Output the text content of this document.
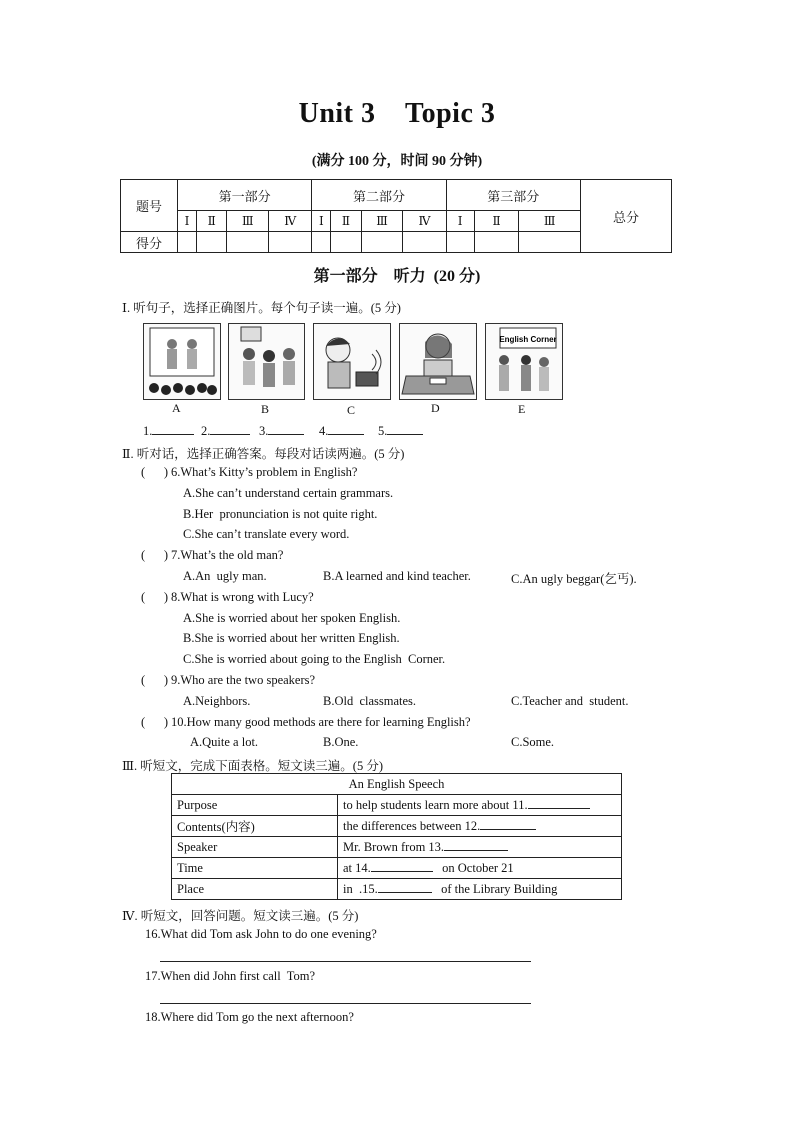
Unit 3    Topic 3
(满分 100 分，时间 90 分钟)
题号	第一部分				第二部分				第三部分			总分
	Ⅰ	Ⅱ	Ⅲ	Ⅳ	Ⅰ	Ⅱ	Ⅲ	Ⅳ	Ⅰ	Ⅱ	Ⅲ	
得分												
第一部分    听力  (20 分)
Ⅰ. 听句子，选择正确图片。每个句子读一遍。(5 分)
English Corner
A	B	C	D	E
1.	2.	3.	4.	5.
Ⅱ. 听对话，选择正确答案。每段对话读两遍。(5 分)
(      ) 6.What’s Kitty’s problem in English?
A.She can’t understand certain grammars.
B.Her  pronunciation is not quite right.
C.She can’t translate every word.
(      ) 7.What’s the old man?
A.An  ugly man.	B.A learned and kind teacher.	C.An ugly beggar(乞丐).
(      ) 8.What is wrong with Lucy?
A.She is worried about her spoken English.
B.She is worried about her written English.
C.She is worried about going to the English  Corner.
(      ) 9.Who are the two speakers?
A.Neighbors.	B.Old  classmates.	C.Teacher and  student.
(      ) 10.How many good methods are there for learning English?
A.Quite a lot.	B.One.	C.Some.
Ⅲ. 听短文，完成下面表格。短文读三遍。(5 分)
An English Speech	
Purpose	to help students learn more about 11.
Contents(内容)	the differences between 12.
Speaker	Mr. Brown from 13.
Time	at 14. on October 21
Place	in  .15. of the Library Building
Ⅳ. 听短文，回答问题。短文读三遍。(5 分)
16.What did Tom ask John to do one evening?
17.When did John first call  Tom?
18.Where did Tom go the next afternoon?
